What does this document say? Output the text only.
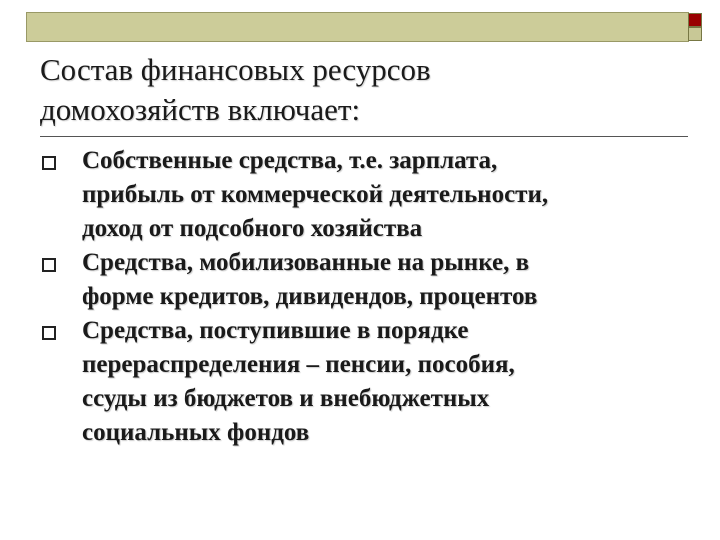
Состав финансовых ресурсов
домохозяйств включает:
Собственные средства, т.е. зарплата,
прибыль от коммерческой деятельности,
доход от подсобного хозяйства
Средства, мобилизованные на рынке, в
форме кредитов, дивидендов, процентов
Средства, поступившие в порядке
перераспределения – пенсии, пособия,
ссуды из бюджетов и внебюджетных
социальных фондов
